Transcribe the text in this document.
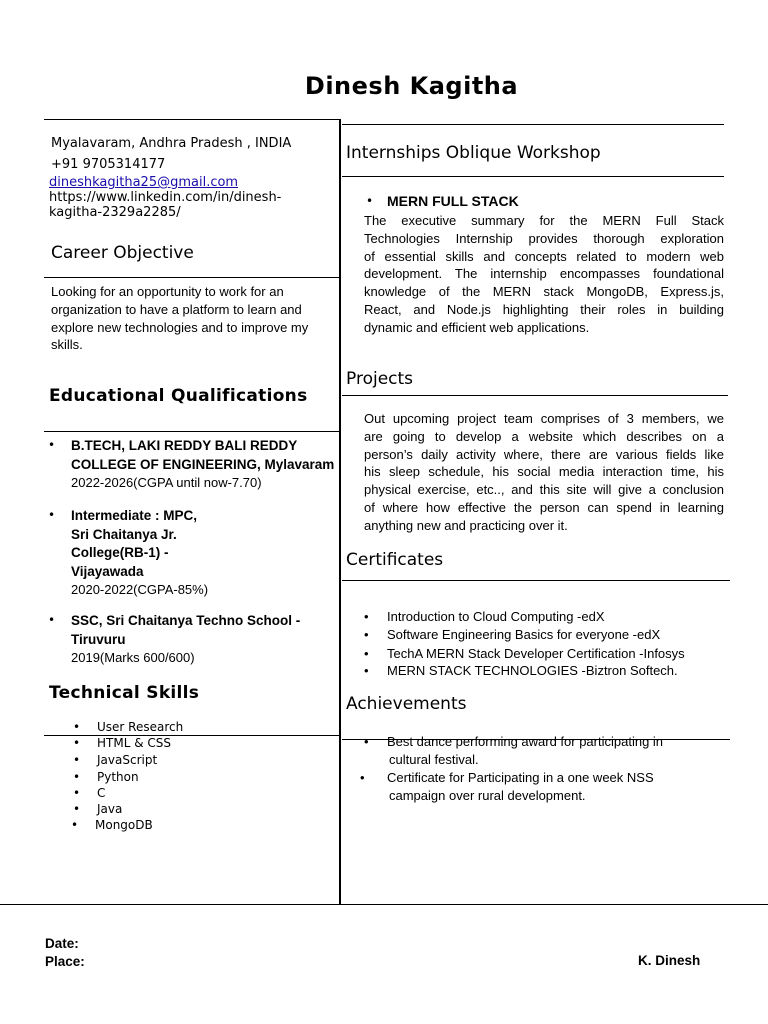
Dinesh Kagitha
Myalavaram, Andhra Pradesh , INDIA
+91 9705314177
dineshkagitha25@gmail.com
https://www.linkedin.com/in/dinesh-
kagitha-2329a2285/
Career Objective
Looking for an opportunity to work for an
organization to have a platform to learn and
explore new technologies and to improve my
skills.
Educational Qualifications
• B.TECH, LAKI REDDY BALI REDDY
COLLEGE OF ENGINEERING, Mylavaram
2022-2026(CGPA until now-7.70)
• Intermediate : MPC,
Sri Chaitanya Jr.
College(RB-1) -
Vijayawada
2020-2022(CGPA-85%)
• SSC, Sri Chaitanya Techno School -
Tiruvuru
2019(Marks 600/600)
Technical Skills
• User Research
• HTML & CSS
• JavaScript
• Python
• C
• Java
• MongoDB
Internships Oblique Workshop
• MERN FULL STACK
The executive summary for the MERN Full Stack
Technologies Internship provides thorough exploration
of essential skills and concepts related to modern web
development. The internship encompasses foundational
knowledge of the MERN stack MongoDB, Express.js,
React, and Node.js highlighting their roles in building
dynamic and efficient web applications.
Projects
Out upcoming project team comprises of 3 members, we
are going to develop a website which describes on a
person’s daily activity where, there are various fields like
his sleep schedule, his social media interaction time, his
physical exercise, etc.., and this site will give a conclusion
of where how effective the person can spend in learning
anything new and practicing over it.
Certificates
• Introduction to Cloud Computing -edX
• Software Engineering Basics for everyone -edX
• TechA MERN Stack Developer Certification -Infosys
• MERN STACK TECHNOLOGIES -Biztron Softech.
Achievements
• Best dance performing award for participating in
cultural festival.
• Certificate for Participating in a one week NSS
campaign over rural development.
Date:
Place:	K. Dinesh
